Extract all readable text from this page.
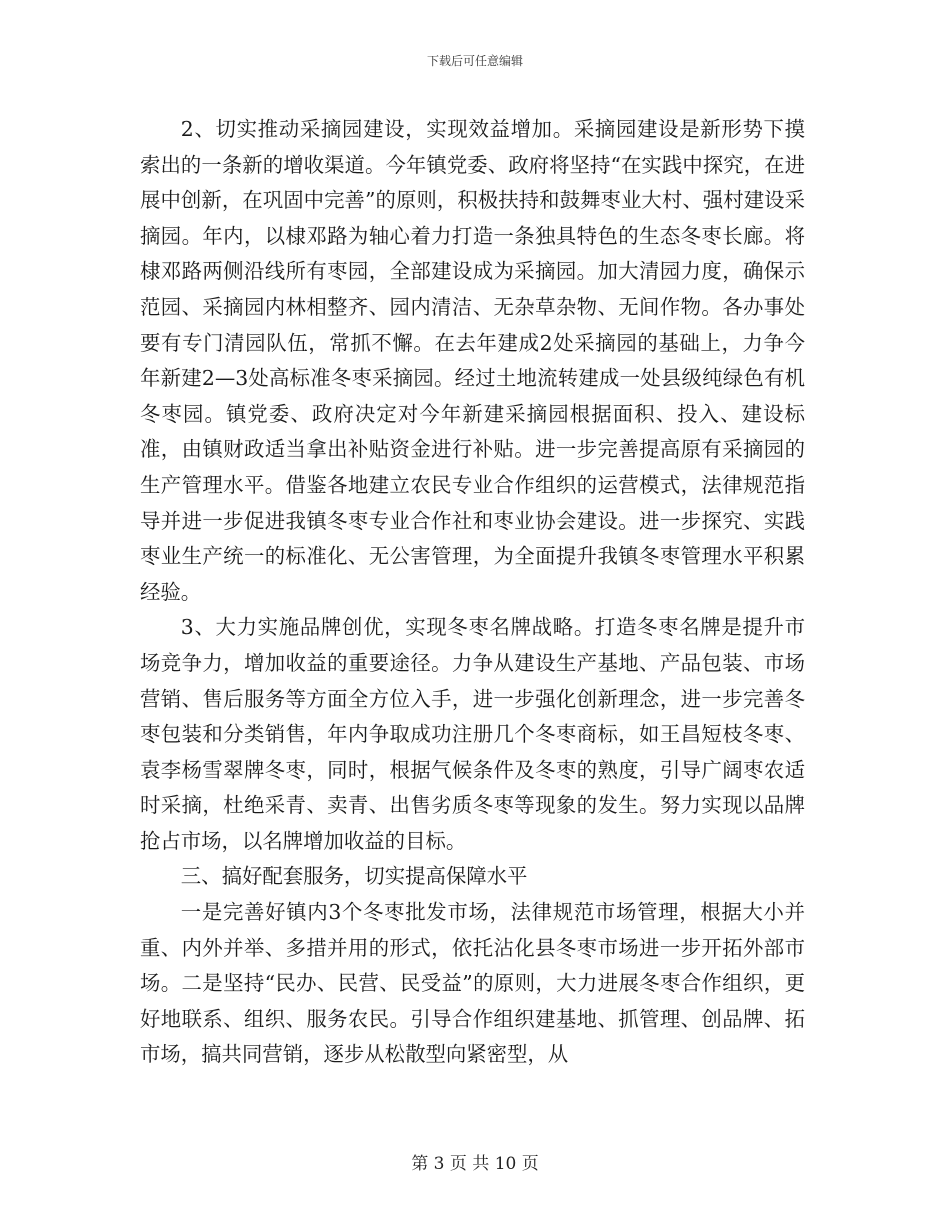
下载后可任意编辑

2、切实推动采摘园建设，实现效益增加。采摘园建设是新形势下摸索出的一条新的增收渠道。今年镇党委、政府将坚持“在实践中探究，在进展中创新，在巩固中完善”的原则，积极扶持和鼓舞枣业大村、强村建设采摘园。年内，以棣邓路为轴心着力打造一条独具特色的生态冬枣长廊。将棣邓路两侧沿线所有枣园，全部建设成为采摘园。加大清园力度，确保示范园、采摘园内林相整齐、园内清洁、无杂草杂物、无间作物。各办事处要有专门清园队伍，常抓不懈。在去年建成2处采摘园的基础上，力争今年新建2—3处高标准冬枣采摘园。经过土地流转建成一处县级纯绿色有机冬枣园。镇党委、政府决定对今年新建采摘园根据面积、投入、建设标准，由镇财政适当拿出补贴资金进行补贴。进一步完善提高原有采摘园的生产管理水平。借鉴各地建立农民专业合作组织的运营模式，法律规范指导并进一步促进我镇冬枣专业合作社和枣业协会建设。进一步探究、实践枣业生产统一的标准化、无公害管理，为全面提升我镇冬枣管理水平积累经验。

3、大力实施品牌创优，实现冬枣名牌战略。打造冬枣名牌是提升市场竞争力，增加收益的重要途径。力争从建设生产基地、产品包装、市场营销、售后服务等方面全方位入手，进一步强化创新理念，进一步完善冬枣包装和分类销售，年内争取成功注册几个冬枣商标，如王昌短枝冬枣、袁李杨雪翠牌冬枣，同时，根据气候条件及冬枣的熟度，引导广阔枣农适时采摘，杜绝采青、卖青、出售劣质冬枣等现象的发生。努力实现以品牌抢占市场，以名牌增加收益的目标。

三、搞好配套服务，切实提高保障水平

一是完善好镇内3个冬枣批发市场，法律规范市场管理，根据大小并重、内外并举、多措并用的形式，依托沾化县冬枣市场进一步开拓外部市场。二是坚持“民办、民营、民受益”的原则，大力进展冬枣合作组织，更好地联系、组织、服务农民。引导合作组织建基地、抓管理、创品牌、拓市场，搞共同营销，逐步从松散型向紧密型，从

第 3 页 共 10 页
